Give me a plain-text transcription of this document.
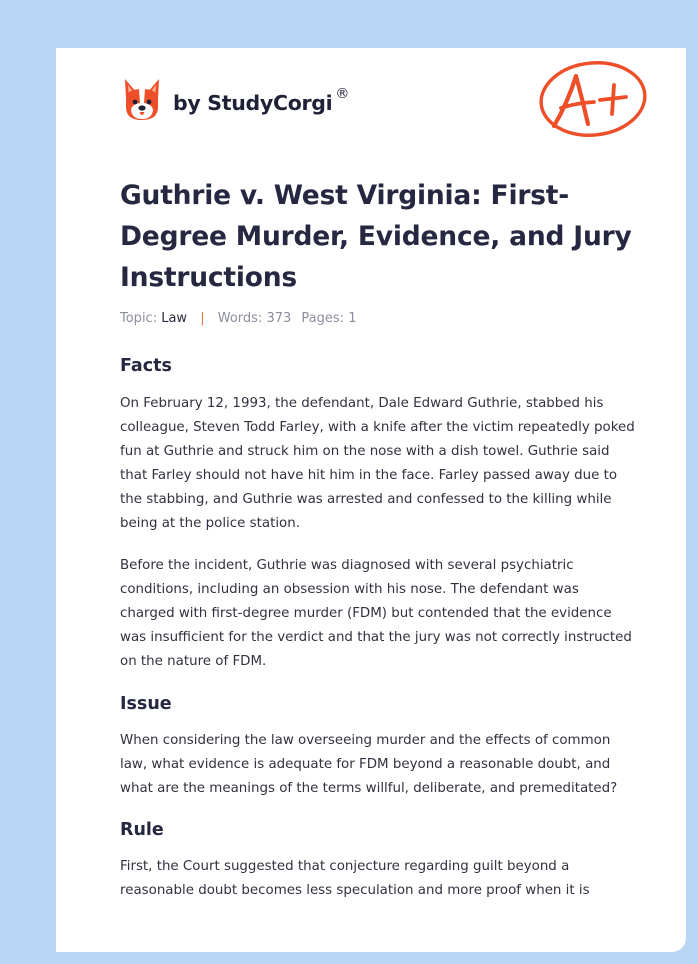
by StudyCorgi ®
Guthrie v. West Virginia: First-Degree Murder, Evidence, and Jury Instructions
Topic: Law | Words: 373 Pages: 1
Facts

On February 12, 1993, the defendant, Dale Edward Guthrie, stabbed his colleague, Steven Todd Farley, with a knife after the victim repeatedly poked fun at Guthrie and struck him on the nose with a dish towel. Guthrie said that Farley should not have hit him in the face. Farley passed away due to the stabbing, and Guthrie was arrested and confessed to the killing while being at the police station.

Before the incident, Guthrie was diagnosed with several psychiatric conditions, including an obsession with his nose. The defendant was charged with first-degree murder (FDM) but contended that the evidence was insufficient for the verdict and that the jury was not correctly instructed on the nature of FDM.

Issue

When considering the law overseeing murder and the effects of common law, what evidence is adequate for FDM beyond a reasonable doubt, and what are the meanings of the terms willful, deliberate, and premeditated?

Rule

First, the Court suggested that conjecture regarding guilt beyond a reasonable doubt becomes less speculation and more proof when it is
